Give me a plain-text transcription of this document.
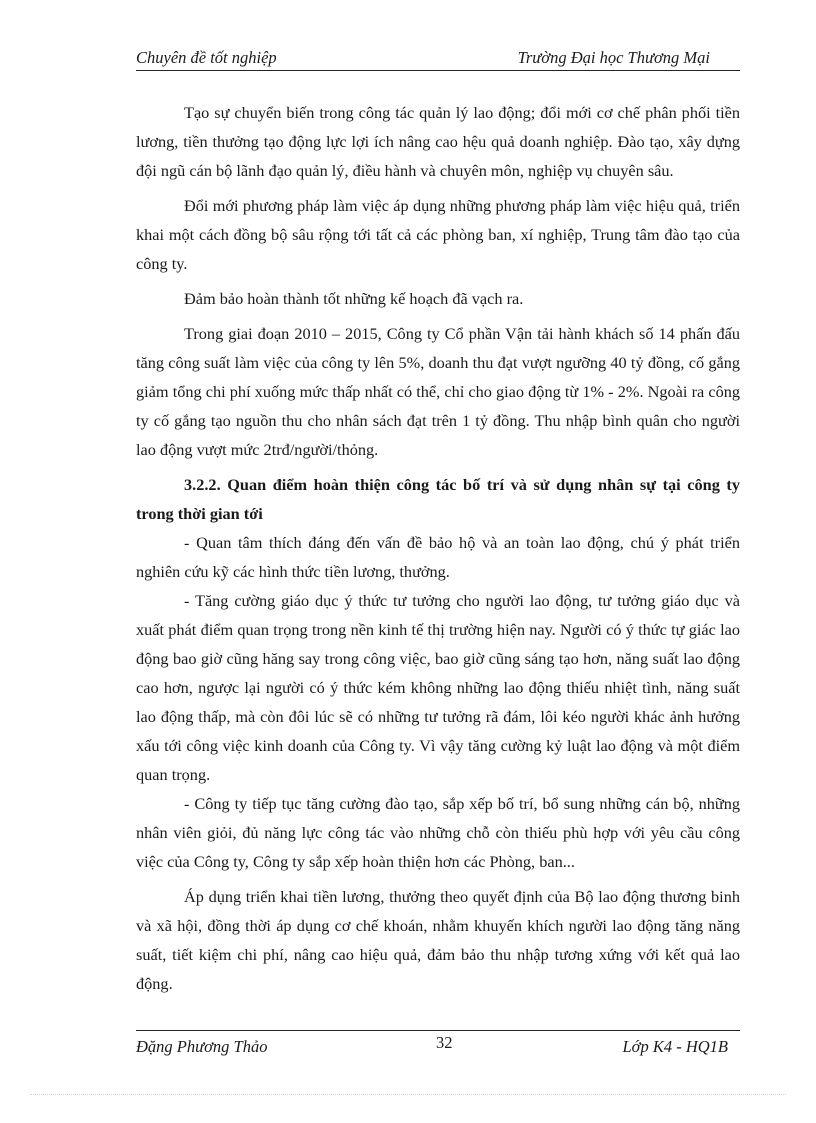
Chuyên đề tốt nghiệp	Trường Đại học Thương Mại

Tạo sự chuyển biến trong công tác quản lý lao động; đổi mới cơ chế phân phối tiền lương, tiền thưởng tạo động lực lợi ích nâng cao hệu quả doanh nghiệp. Đào tạo, xây dựng đội ngũ cán bộ lãnh đạo quản lý, điều hành và chuyên môn, nghiệp vụ chuyên sâu.

Đổi mới phương pháp làm việc áp dụng những phương pháp làm việc hiệu quả, triển khai một cách đồng bộ sâu rộng tới tất cả các phòng ban, xí nghiệp, Trung tâm đào tạo của công ty.

Đảm bảo hoàn thành tốt những kế hoạch đã vạch ra.

Trong giai đoạn 2010 – 2015, Công ty Cổ phần Vận tải hành khách số 14 phấn đấu tăng công suất làm việc của công ty lên 5%, doanh thu đạt vượt ngưỡng 40 tỷ đồng, cố gắng giảm tổng chi phí xuống mức thấp nhất có thể, chỉ cho giao động từ 1% - 2%. Ngoài ra công ty cố gắng tạo nguồn thu cho nhân sách đạt trên 1 tỷ đồng. Thu nhập bình quân cho người lao động vượt mức 2trđ/người/thỏng.

3.2.2. Quan điểm hoàn thiện công tác bố trí và sử dụng nhân sự tại công ty trong thời gian tới

- Quan tâm thích đáng đến vấn đề bảo hộ và an toàn lao động, chú ý phát triển nghiên cứu kỹ các hình thức tiền lương, thưởng.

- Tăng cường giáo dục ý thức tư tưởng cho người lao động, tư tưởng giáo dục và xuất phát điểm quan trọng trong nền kinh tế thị trường hiện nay. Người có ý thức tự giác lao động bao giờ cũng hăng say trong công việc, bao giờ cũng sáng tạo hơn, năng suất lao động cao hơn, ngược lại người có ý thức kém không những lao động thiếu nhiệt tình, năng suất lao động thấp, mà còn đôi lúc sẽ có những tư tưởng rã đám, lôi kéo người khác ảnh hưởng xấu tới công việc kinh doanh của Công ty. Vì vậy tăng cường kỷ luật lao động và một điểm quan trọng.

- Công ty tiếp tục tăng cường đào tạo, sắp xếp bố trí, bổ sung những cán bộ, những nhân viên giỏi, đủ năng lực công tác vào những chỗ còn thiếu phù hợp với yêu cầu công việc của Công ty, Công ty sắp xếp hoàn thiện hơn các Phòng, ban...

Áp dụng triển khai tiền lương, thưởng theo quyết định của Bộ lao động thương binh và xã hội, đồng thời áp dụng cơ chế khoán, nhằm khuyến khích người lao động tăng năng suất, tiết kiệm chi phí, nâng cao hiệu quả, đảm bảo thu nhập tương xứng với kết quả lao động.

Đặng Phương Thảo	32	Lớp K4 - HQ1B
